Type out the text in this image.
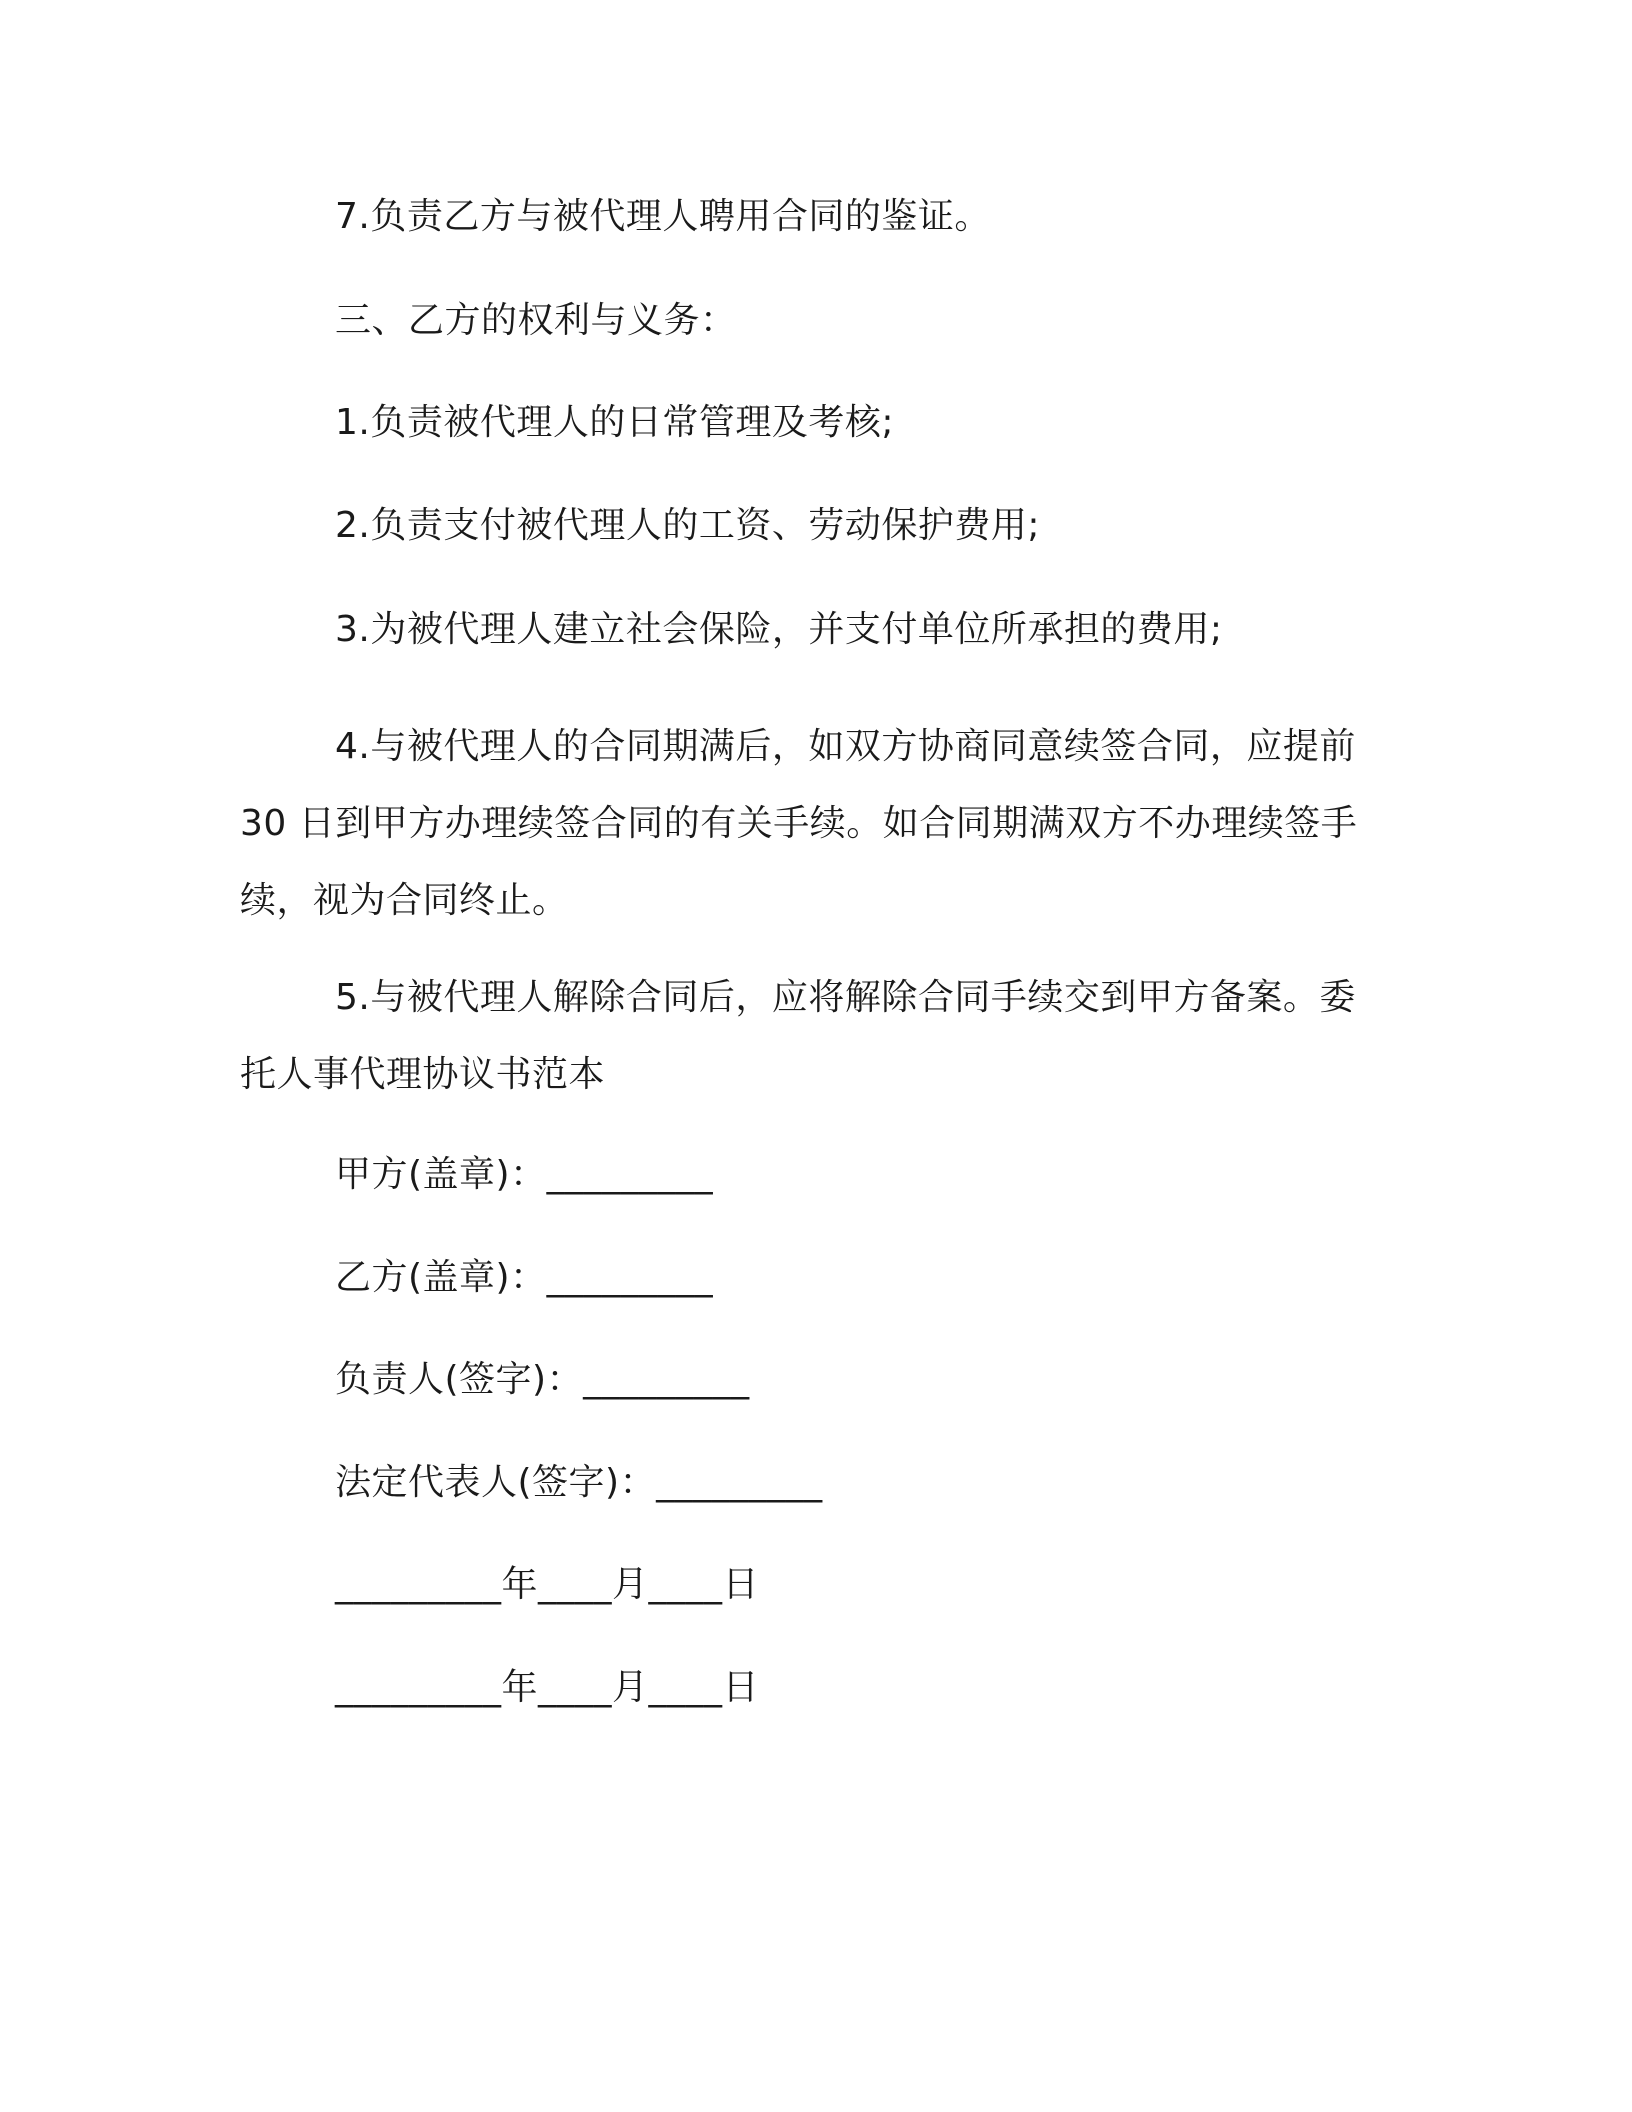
7.负责乙方与被代理人聘用合同的鉴证。
三、乙方的权利与义务：
1.负责被代理人的日常管理及考核;
2.负责支付被代理人的工资、劳动保护费用;
3.为被代理人建立社会保险，并支付单位所承担的费用;

4.与被代理人的合同期满后，如双方协商同意续签合同，应提前30 日到甲方办理续签合同的有关手续。如合同期满双方不办理续签手续，视为合同终止。

5.与被代理人解除合同后，应将解除合同手续交到甲方备案。委托人事代理协议书范本

甲方(盖章)：_________
乙方(盖章)：_________
负责人(签字)：_________
法定代表人(签字)：_________
_________年____月____日
_________年____月____日
